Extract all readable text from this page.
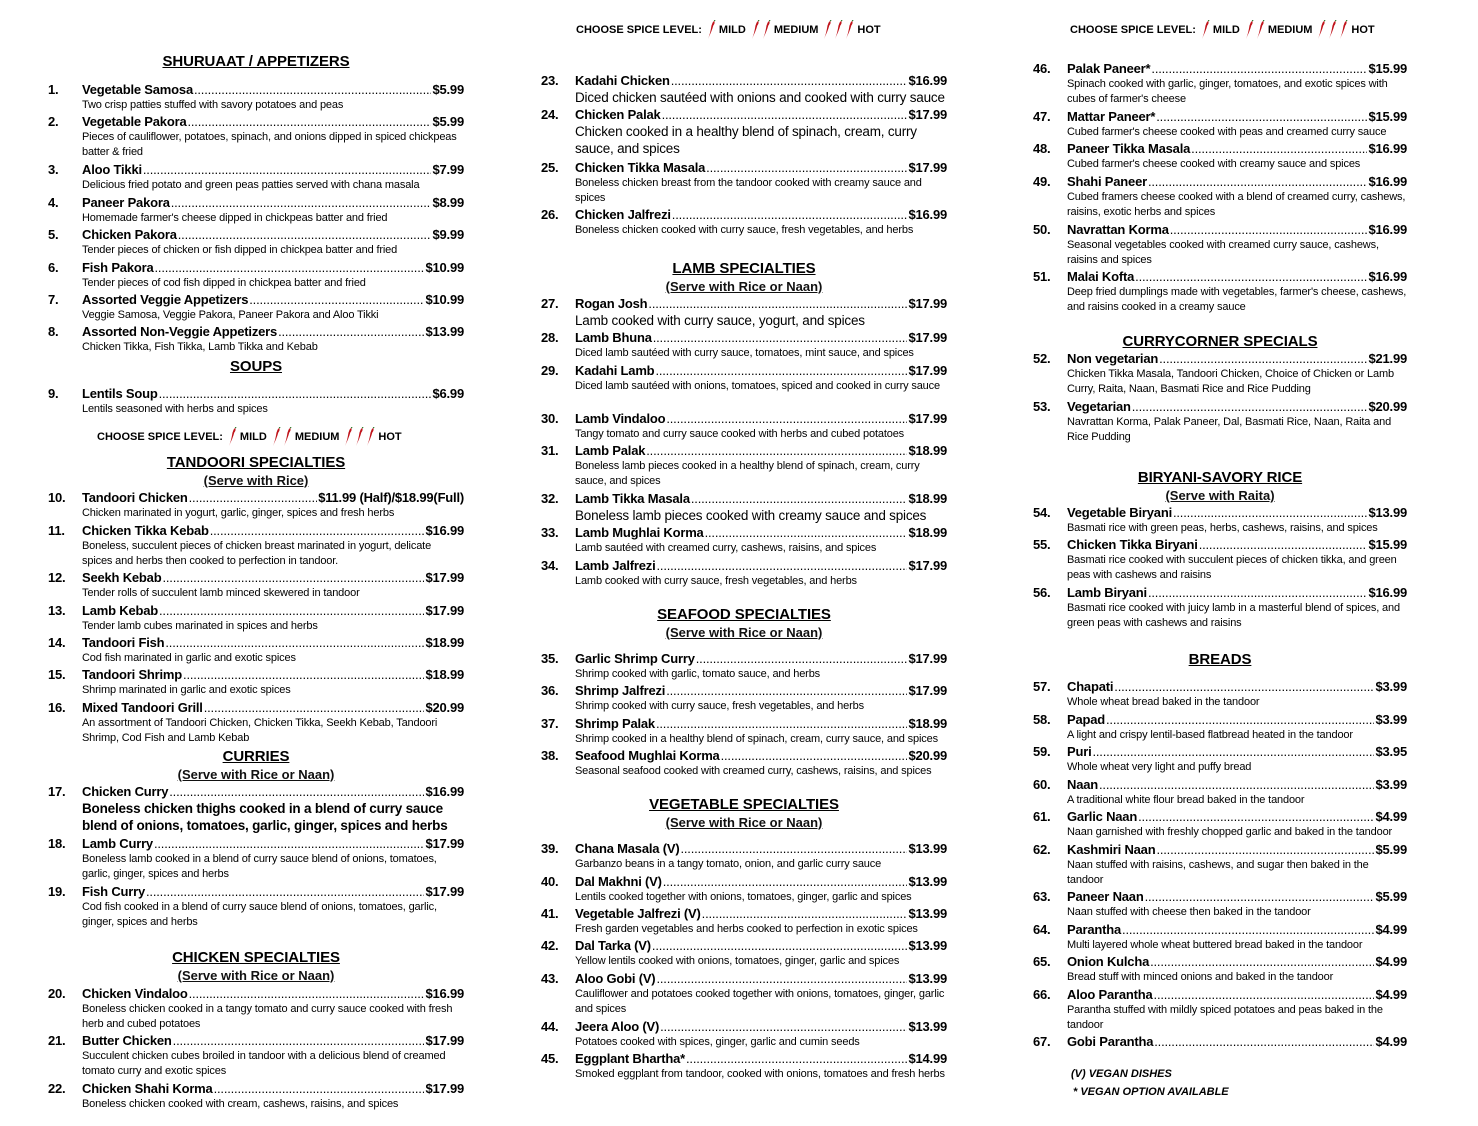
SHURUAAT / APPETIZERS
1.	Vegetable Samosa .....	$5.99
Two crisp patties stuffed with savory potatoes and peas
2.	Vegetable Pakora .....	$5.99
Pieces of cauliflower, potatoes, spinach, and onions dipped in spiced chickpeas batter & fried
3.	Aloo Tikki .....	$7.99
Delicious fried potato and green peas patties served with chana masala
4.	Paneer Pakora .....	$8.99
Homemade farmer's cheese dipped in chickpeas batter and fried
5.	Chicken Pakora .....	$9.99
Tender pieces of chicken or fish dipped in chickpea batter and fried
6.	Fish Pakora .....	$10.99
Tender pieces of cod fish dipped in chickpea batter and fried
7.	Assorted Veggie Appetizers .....	$10.99
Veggie Samosa, Veggie Pakora, Paneer Pakora and Aloo Tikki
8.	Assorted Non-Veggie Appetizers .....	$13.99
Chicken Tikka, Fish Tikka, Lamb Tikka and Kebab
SOUPS
9.	Lentils Soup .....	$6.99
Lentils seasoned with herbs and spices
CHOOSE SPICE LEVEL: MILD	MEDIUM	HOT
TANDOORI SPECIALTIES
(Serve with Rice)
10.	Tandoori Chicken .....	$11.99 (Half)/$18.99(Full)
Chicken marinated in yogurt, garlic, ginger, spices and fresh herbs
11.	Chicken Tikka Kebab .....	$16.99
Boneless, succulent pieces of chicken breast marinated in yogurt, delicate spices and herbs then cooked to perfection in tandoor.
12.	Seekh Kebab .....	$17.99
Tender rolls of succulent lamb minced skewered in tandoor
13.	Lamb Kebab .....	$17.99
Tender lamb cubes marinated in spices and herbs
14.	Tandoori Fish .....	$18.99
Cod fish marinated in garlic and exotic spices
15.	Tandoori Shrimp .....	$18.99
Shrimp marinated in garlic and exotic spices
16.	Mixed Tandoori Grill .....	$20.99
An assortment of Tandoori Chicken, Chicken Tikka, Seekh Kebab, Tandoori Shrimp, Cod Fish and Lamb Kebab
CURRIES
(Serve with Rice or Naan)
17.	Chicken Curry .....	$16.99
Boneless chicken thighs cooked in a blend of curry sauce blend of onions, tomatoes, garlic, ginger, spices and herbs
18.	Lamb Curry .....	$17.99
Boneless lamb cooked in a blend of curry sauce blend of onions, tomatoes, garlic, ginger, spices and herbs
19.	Fish Curry .....	$17.99
Cod fish cooked in a blend of curry sauce blend of onions, tomatoes, garlic, ginger, spices and herbs
CHICKEN SPECIALTIES
(Serve with Rice or Naan)
20.	Chicken Vindaloo .....	$16.99
Boneless chicken cooked in a tangy tomato and curry sauce cooked with fresh herb and cubed potatoes
21.	Butter Chicken .....	$17.99
Succulent chicken cubes broiled in tandoor with a delicious blend of creamed tomato curry and exotic spices
22.	Chicken Shahi Korma .....	$17.99
Boneless chicken cooked with cream, cashews, raisins, and spices
CHOOSE SPICE LEVEL: MILD	MEDIUM	HOT
23.	Kadahi Chicken .....	$16.99
Diced chicken sautéed with onions and cooked with curry sauce
24.	Chicken Palak .....	$17.99
Chicken cooked in a healthy blend of spinach, cream, curry sauce, and spices
25.	Chicken Tikka Masala .....	$17.99
Boneless chicken breast from the tandoor cooked with creamy sauce and spices
26.	Chicken Jalfrezi .....	$16.99
Boneless chicken cooked with curry sauce, fresh vegetables, and herbs
LAMB SPECIALTIES
(Serve with Rice or Naan)
27.	Rogan Josh .....	$17.99
Lamb cooked with curry sauce, yogurt, and spices
28.	Lamb Bhuna .....	$17.99
Diced lamb sautéed with curry sauce, tomatoes, mint sauce, and spices
29.	Kadahi Lamb .....	$17.99
Diced lamb sautéed with onions, tomatoes, spiced and cooked in curry sauce
30.	Lamb Vindaloo .....	$17.99
Tangy tomato and curry sauce cooked with herbs and cubed potatoes
31.	Lamb Palak .....	$18.99
Boneless lamb pieces cooked in a healthy blend of spinach, cream, curry sauce, and spices
32.	Lamb Tikka Masala .....	$18.99
Boneless lamb pieces cooked with creamy sauce and spices
33.	Lamb Mughlai Korma .....	$18.99
Lamb sautéed with creamed curry, cashews, raisins, and spices
34.	Lamb Jalfrezi .....	$17.99
Lamb cooked with curry sauce, fresh vegetables, and herbs
SEAFOOD SPECIALTIES
(Serve with Rice or Naan)
35.	Garlic Shrimp Curry .....	$17.99
Shrimp cooked with garlic, tomato sauce, and herbs
36.	Shrimp Jalfrezi .....	$17.99
Shrimp cooked with curry sauce, fresh vegetables, and herbs
37.	Shrimp Palak .....	$18.99
Shrimp cooked in a healthy blend of spinach, cream, curry sauce, and spices
38.	Seafood Mughlai Korma .....	$20.99
Seasonal seafood cooked with creamed curry, cashews, raisins, and spices
VEGETABLE SPECIALTIES
(Serve with Rice or Naan)
39.	Chana Masala (V) .....	$13.99
Garbanzo beans in a tangy tomato, onion, and garlic curry sauce
40.	Dal Makhni (V) .....	$13.99
Lentils cooked together with onions, tomatoes, ginger, garlic and spices
41.	Vegetable Jalfrezi (V) .....	$13.99
Fresh garden vegetables and herbs cooked to perfection in exotic spices
42.	Dal Tarka (V) .....	$13.99
Yellow lentils cooked with onions, tomatoes, ginger, garlic and spices
43.	Aloo Gobi (V) .....	$13.99
Cauliflower and potatoes cooked together with onions, tomatoes, ginger, garlic and spices
44.	Jeera Aloo (V) .....	$13.99
Potatoes cooked with spices, ginger, garlic and cumin seeds
45.	Eggplant Bhartha* .....	$14.99
Smoked eggplant from tandoor, cooked with onions, tomatoes and fresh herbs
CHOOSE SPICE LEVEL: MILD	MEDIUM	HOT
46.	Palak Paneer* .....	$15.99
Spinach cooked with garlic, ginger, tomatoes, and exotic spices with cubes of farmer's cheese
47.	Mattar Paneer* .....	$15.99
Cubed farmer's cheese cooked with peas and creamed curry sauce
48.	Paneer Tikka Masala .....	$16.99
Cubed farmer's cheese cooked with creamy sauce and spices
49.	Shahi Paneer .....	$16.99
Cubed framers cheese cooked with a blend of creamed curry, cashews, raisins, exotic herbs and spices
50.	Navrattan Korma .....	$16.99
Seasonal vegetables cooked with creamed curry sauce, cashews, raisins and spices
51.	Malai Kofta .....	$16.99
Deep fried dumplings made with vegetables, farmer's cheese, cashews, and raisins cooked in a creamy sauce
CURRYCORNER SPECIALS
52.	Non vegetarian .....	$21.99
Chicken Tikka Masala, Tandoori Chicken, Choice of Chicken or Lamb Curry, Raita, Naan, Basmati Rice and Rice Pudding
53.	Vegetarian .....	$20.99
Navrattan Korma, Palak Paneer, Dal, Basmati Rice, Naan, Raita and Rice Pudding
BIRYANI-SAVORY RICE
(Serve with Raita)
54.	Vegetable Biryani .....	$13.99
Basmati rice with green peas, herbs, cashews, raisins, and spices
55.	Chicken Tikka Biryani .....	$15.99
Basmati rice cooked with succulent pieces of chicken tikka, and green peas with cashews and raisins
56.	Lamb Biryani .....	$16.99
Basmati rice cooked with juicy lamb in a masterful blend of spices, and green peas with cashews and raisins
BREADS
57.	Chapati .....	$3.99
Whole wheat bread baked in the tandoor
58.	Papad .....	$3.99
A light and crispy lentil-based flatbread heated in the tandoor
59.	Puri .....	$3.95
Whole wheat very light and puffy bread
60.	Naan .....	$3.99
A traditional white flour bread baked in the tandoor
61.	Garlic Naan .....	$4.99
Naan garnished with freshly chopped garlic and baked in the tandoor
62.	Kashmiri Naan .....	$5.99
Naan stuffed with raisins, cashews, and sugar then baked in the tandoor
63.	Paneer Naan .....	$5.99
Naan stuffed with cheese then baked in the tandoor
64.	Parantha .....	$4.99
Multi layered whole wheat buttered bread baked in the tandoor
65.	Onion Kulcha .....	$4.99
Bread stuff with minced onions and baked in the tandoor
66.	Aloo Parantha .....	$4.99
Parantha stuffed with mildly spiced potatoes and peas baked in the tandoor
67.	Gobi Parantha .....	$4.99
(V) VEGAN DISHES
* VEGAN OPTION AVAILABLE
